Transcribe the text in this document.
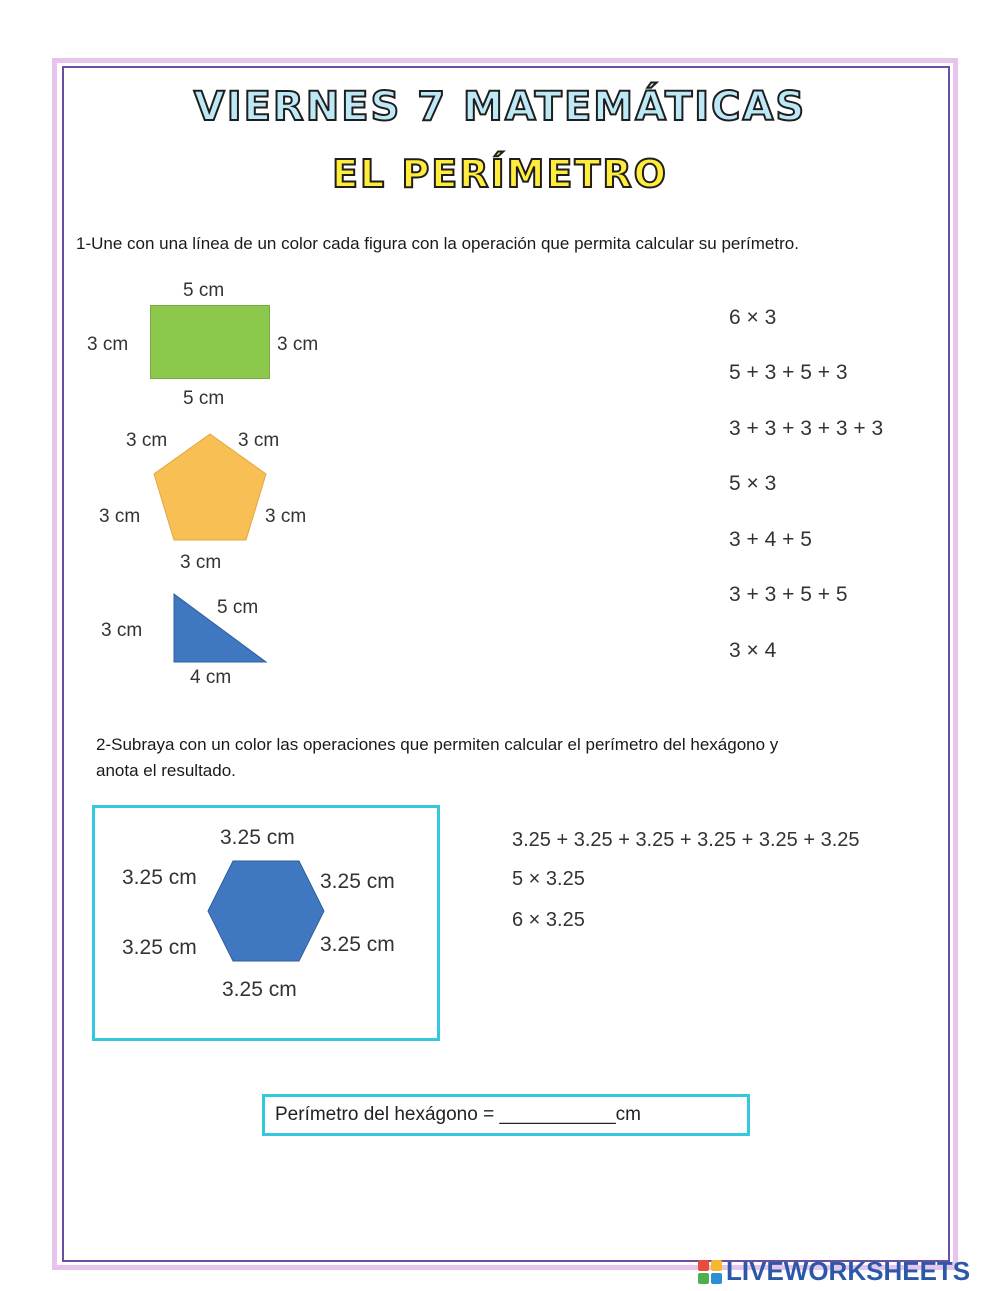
VIERNES 7 MATEMÁTICAS
EL PERÍMETRO
1-Une con una línea de un color cada figura con la operación que permita calcular su perímetro.
5 cm
5 cm
3 cm	3 cm
3 cm	3 cm
3 cm	3 cm
3 cm
5 cm
3 cm
4 cm
6 × 3
5 + 3 + 5 + 3
3 + 3 + 3 + 3 + 3
5 × 3
3 + 4 + 5
3 + 3 + 5 + 5
3 × 4
2-Subraya con un color las operaciones que permiten calcular el perímetro del hexágono y anota el resultado.
3.25 cm
3.25 cm	3.25 cm
3.25 cm	3.25 cm
3.25 cm
3.25 + 3.25 + 3.25 + 3.25 + 3.25 + 3.25
5 × 3.25
6 × 3.25
Perímetro del hexágono = ___________cm
LIVEWORKSHEETS
